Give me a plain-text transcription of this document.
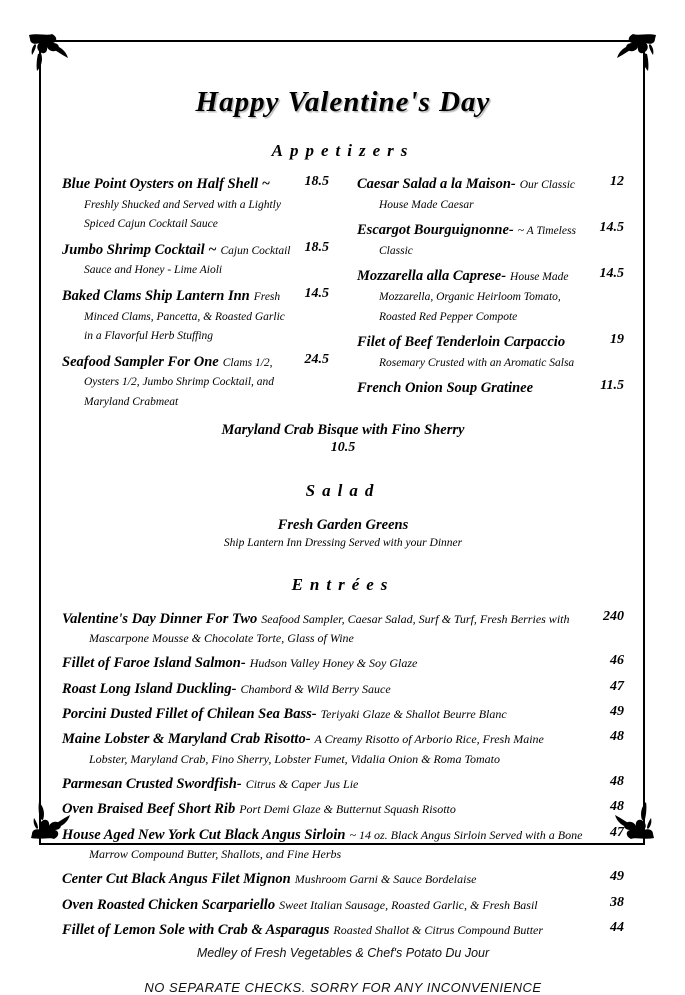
Happy Valentine's Day
Appetizers
Blue Point Oysters on Half Shell ~ Freshly Shucked and Served with a Lightly Spiced Cajun Cocktail Sauce
18.5
Jumbo Shrimp Cocktail ~ Cajun Cocktail Sauce and Honey - Lime Aioli
18.5
Baked Clams Ship Lantern Inn Fresh Minced Clams, Pancetta, & Roasted Garlic in a Flavorful Herb Stuffing
14.5
Seafood Sampler For One Clams 1/2, Oysters 1/2, Jumbo Shrimp Cocktail, and Maryland Crabmeat
24.5
Caesar Salad a la Maison- Our Classic House Made Caesar
12
Escargot Bourguignonne- ~ A Timeless Classic
14.5
Mozzarella alla Caprese- House Made Mozzarella, Organic Heirloom Tomato, Roasted Red Pepper Compote
14.5
Filet of Beef Tenderloin Carpaccio Rosemary Crusted with an Aromatic Salsa
19
French Onion Soup Gratinee	11.5
Maryland Crab Bisque with Fino Sherry
10.5
Salad
Fresh Garden Greens
Ship Lantern Inn Dressing Served with your Dinner
Entrées
Valentine's Day Dinner For Two Seafood Sampler, Caesar Salad, Surf & Turf, Fresh Berries with Mascarpone Mousse & Chocolate Torte, Glass of Wine
240
Fillet of Faroe Island Salmon- Hudson Valley Honey & Soy Glaze	46
Roast Long Island Duckling- Chambord & Wild Berry Sauce	47
Porcini Dusted Fillet of Chilean Sea Bass- Teriyaki Glaze & Shallot Beurre Blanc	49
Maine Lobster & Maryland Crab Risotto- A Creamy Risotto of Arborio Rice, Fresh Maine Lobster, Maryland Crab, Fino Sherry, Lobster Fumet, Vidalia Onion & Roma Tomato
48
Parmesan Crusted Swordfish- Citrus & Caper Jus Lie	48
Oven Braised Beef Short Rib Port Demi Glaze & Butternut Squash Risotto	48
House Aged New York Cut Black Angus Sirloin ~ 14 oz. Black Angus Sirloin Served with a Bone Marrow Compound Butter, Shallots, and Fine Herbs
47
Center Cut Black Angus Filet Mignon Mushroom Garni & Sauce Bordelaise	49
Oven Roasted Chicken Scarpariello Sweet Italian Sausage, Roasted Garlic, & Fresh Basil	38
Fillet of Lemon Sole with Crab & Asparagus Roasted Shallot & Citrus Compound Butter	44
Medley of Fresh Vegetables & Chef's Potato Du Jour
NO SEPARATE CHECKS. SORRY FOR ANY INCONVENIENCE
